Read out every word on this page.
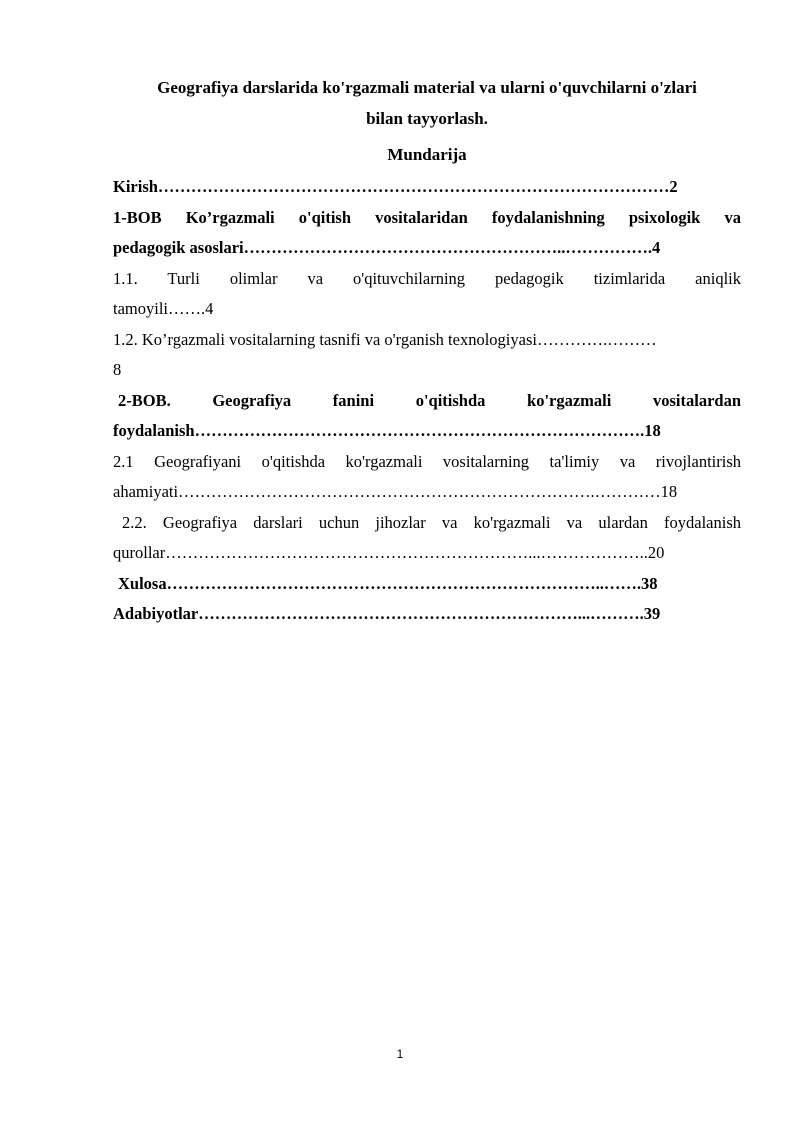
Geografiya darslarida ko'rgazmali material va ularni o'quvchilarni o'zlari
bilan tayyorlash.
Mundarija
Kirish…………………………………………………………………………………2
1-BOB Ko’rgazmali o'qitish vositalaridan foydalanishning psixologik va
pedagogik asoslari…………………………………………………..…………….4
1.1. Turli olimlar va o'qituvchilarning pedagogik tizimlarida aniqlik
tamoyili…….4
1.2. Ko’rgazmali vositalarning tasnifi va o'rganish texnologiyasi………….………
8
2-BOB. Geografiya fanini o'qitishda ko'rgazmali vositalardan
foydalanish……………………………………………………………………….18
2.1 Geografiyani o'qitishda ko'rgazmali vositalarning ta'limiy va rivojlantirish
ahamiyati………………………………………………………………….…………18
2.2. Geografiya darslari uchun jihozlar va ko'rgazmali va ulardan foydalanish
qurollar…………………………………………………………...………………..20
Xulosa……………………………………………………………………..…….38
Adabiyotlar……………………………………………………………...……….39
1
